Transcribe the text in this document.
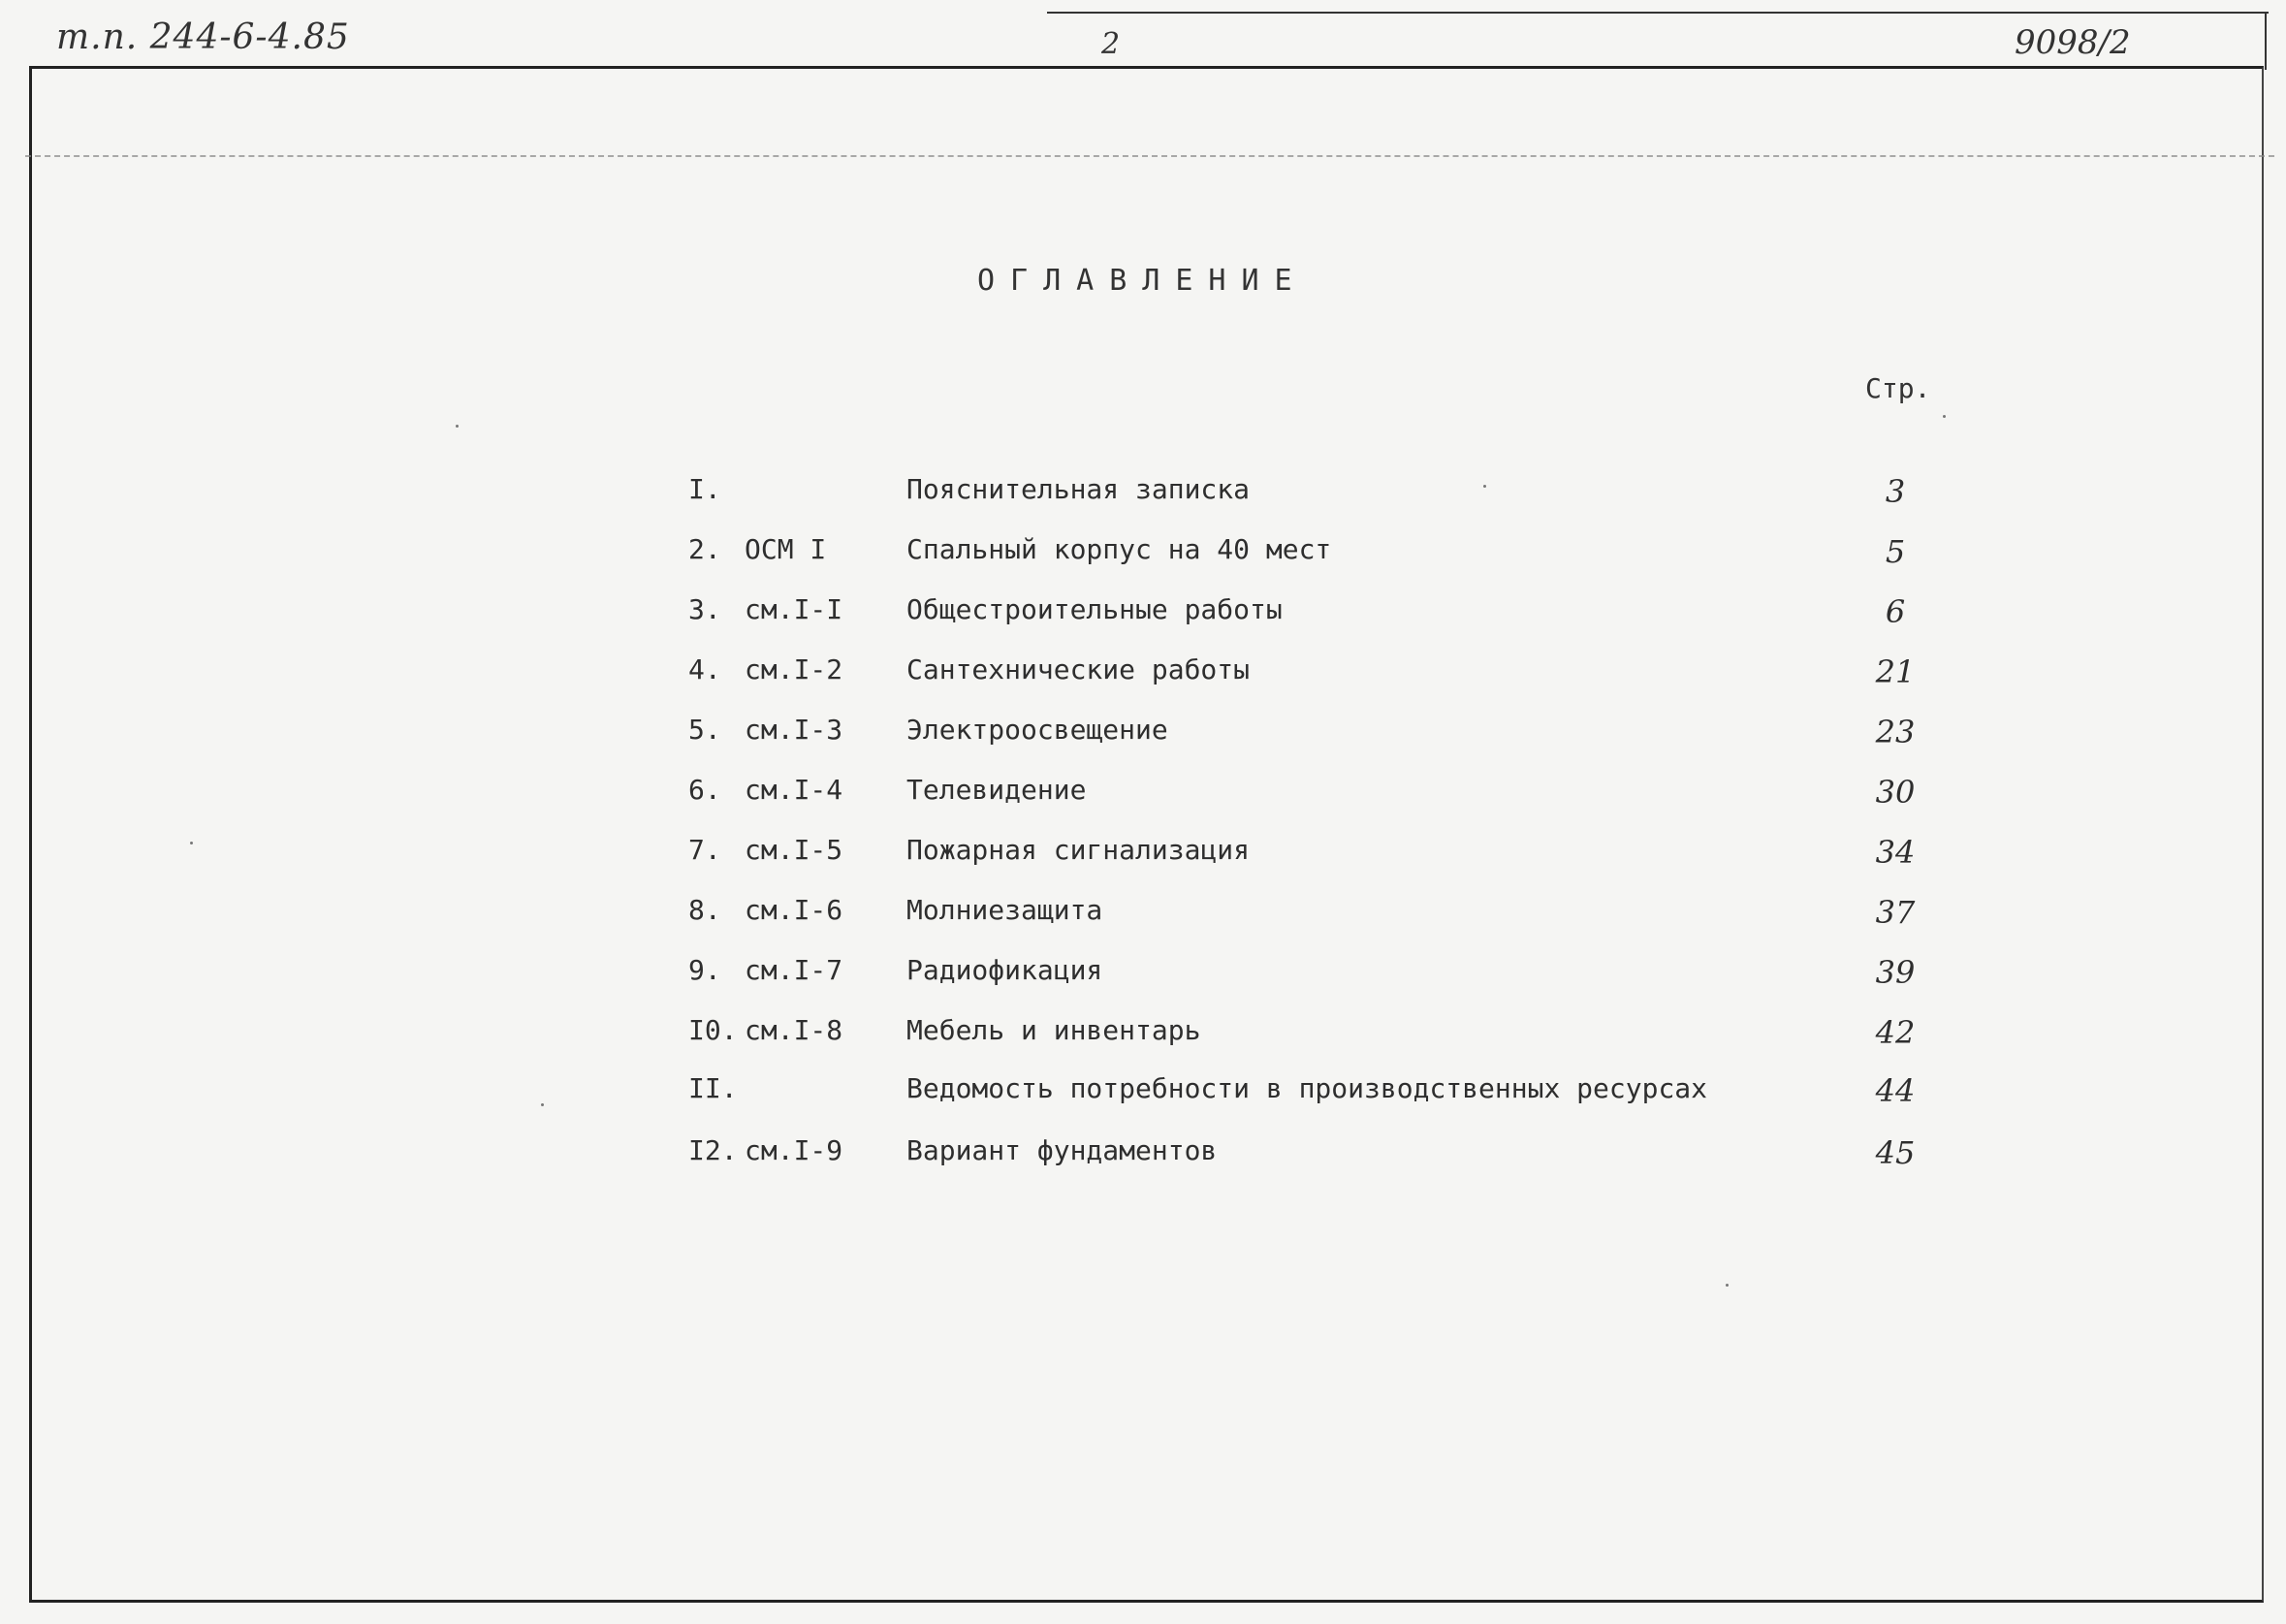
т.п. 244-6-4.85	2	9098/2
ОГЛАВЛЕНИЕ
Стр.
I.	Пояснительная записка	3
2. ОСМ I	Спальный корпус на 40 мест	5
3. см.I-I Общестроительные работы	6
4. см.I-2 Сантехнические работы	21
5. см.I-3 Электроосвещение	23
6. см.I-4 Телевидение	30
7. см.I-5 Пожарная сигнализация	34
8. см.I-6 Молниезащита	37
9. см.I-7 Радиофикация	39
I0. см.I-8 Мебель и инвентарь	42
II.	Ведомость потребности в производственных ресурсах	44
I2. см.I-9 Вариант фундаментов	45
